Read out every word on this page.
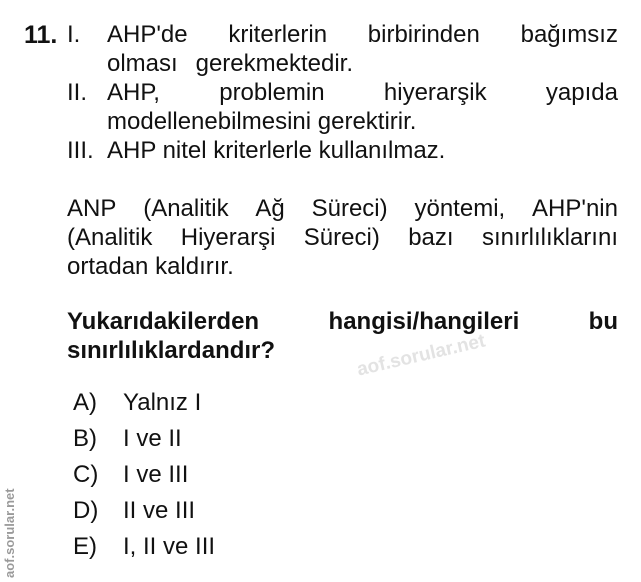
11. I. AHP'de kriterlerin birbirinden bağımsız
olması gerekmektedir.
II. AHP, problemin hiyerarşik yapıda
modellenebilmesini gerektirir.
III. AHP nitel kriterlerle kullanılmaz.
ANP (Analitik Ağ Süreci) yöntemi, AHP'nin
(Analitik Hiyerarşi Süreci) bazı sınırlılıklarını
ortadan kaldırır.
Yukarıdakilerden	hangisi/hangileri	bu
sınırlılıklardandır?
A) Yalnız I
B) I ve II
C) I ve III
D) II ve III
E) I, II ve III
aof.sorular.net
aof.sorular.net
